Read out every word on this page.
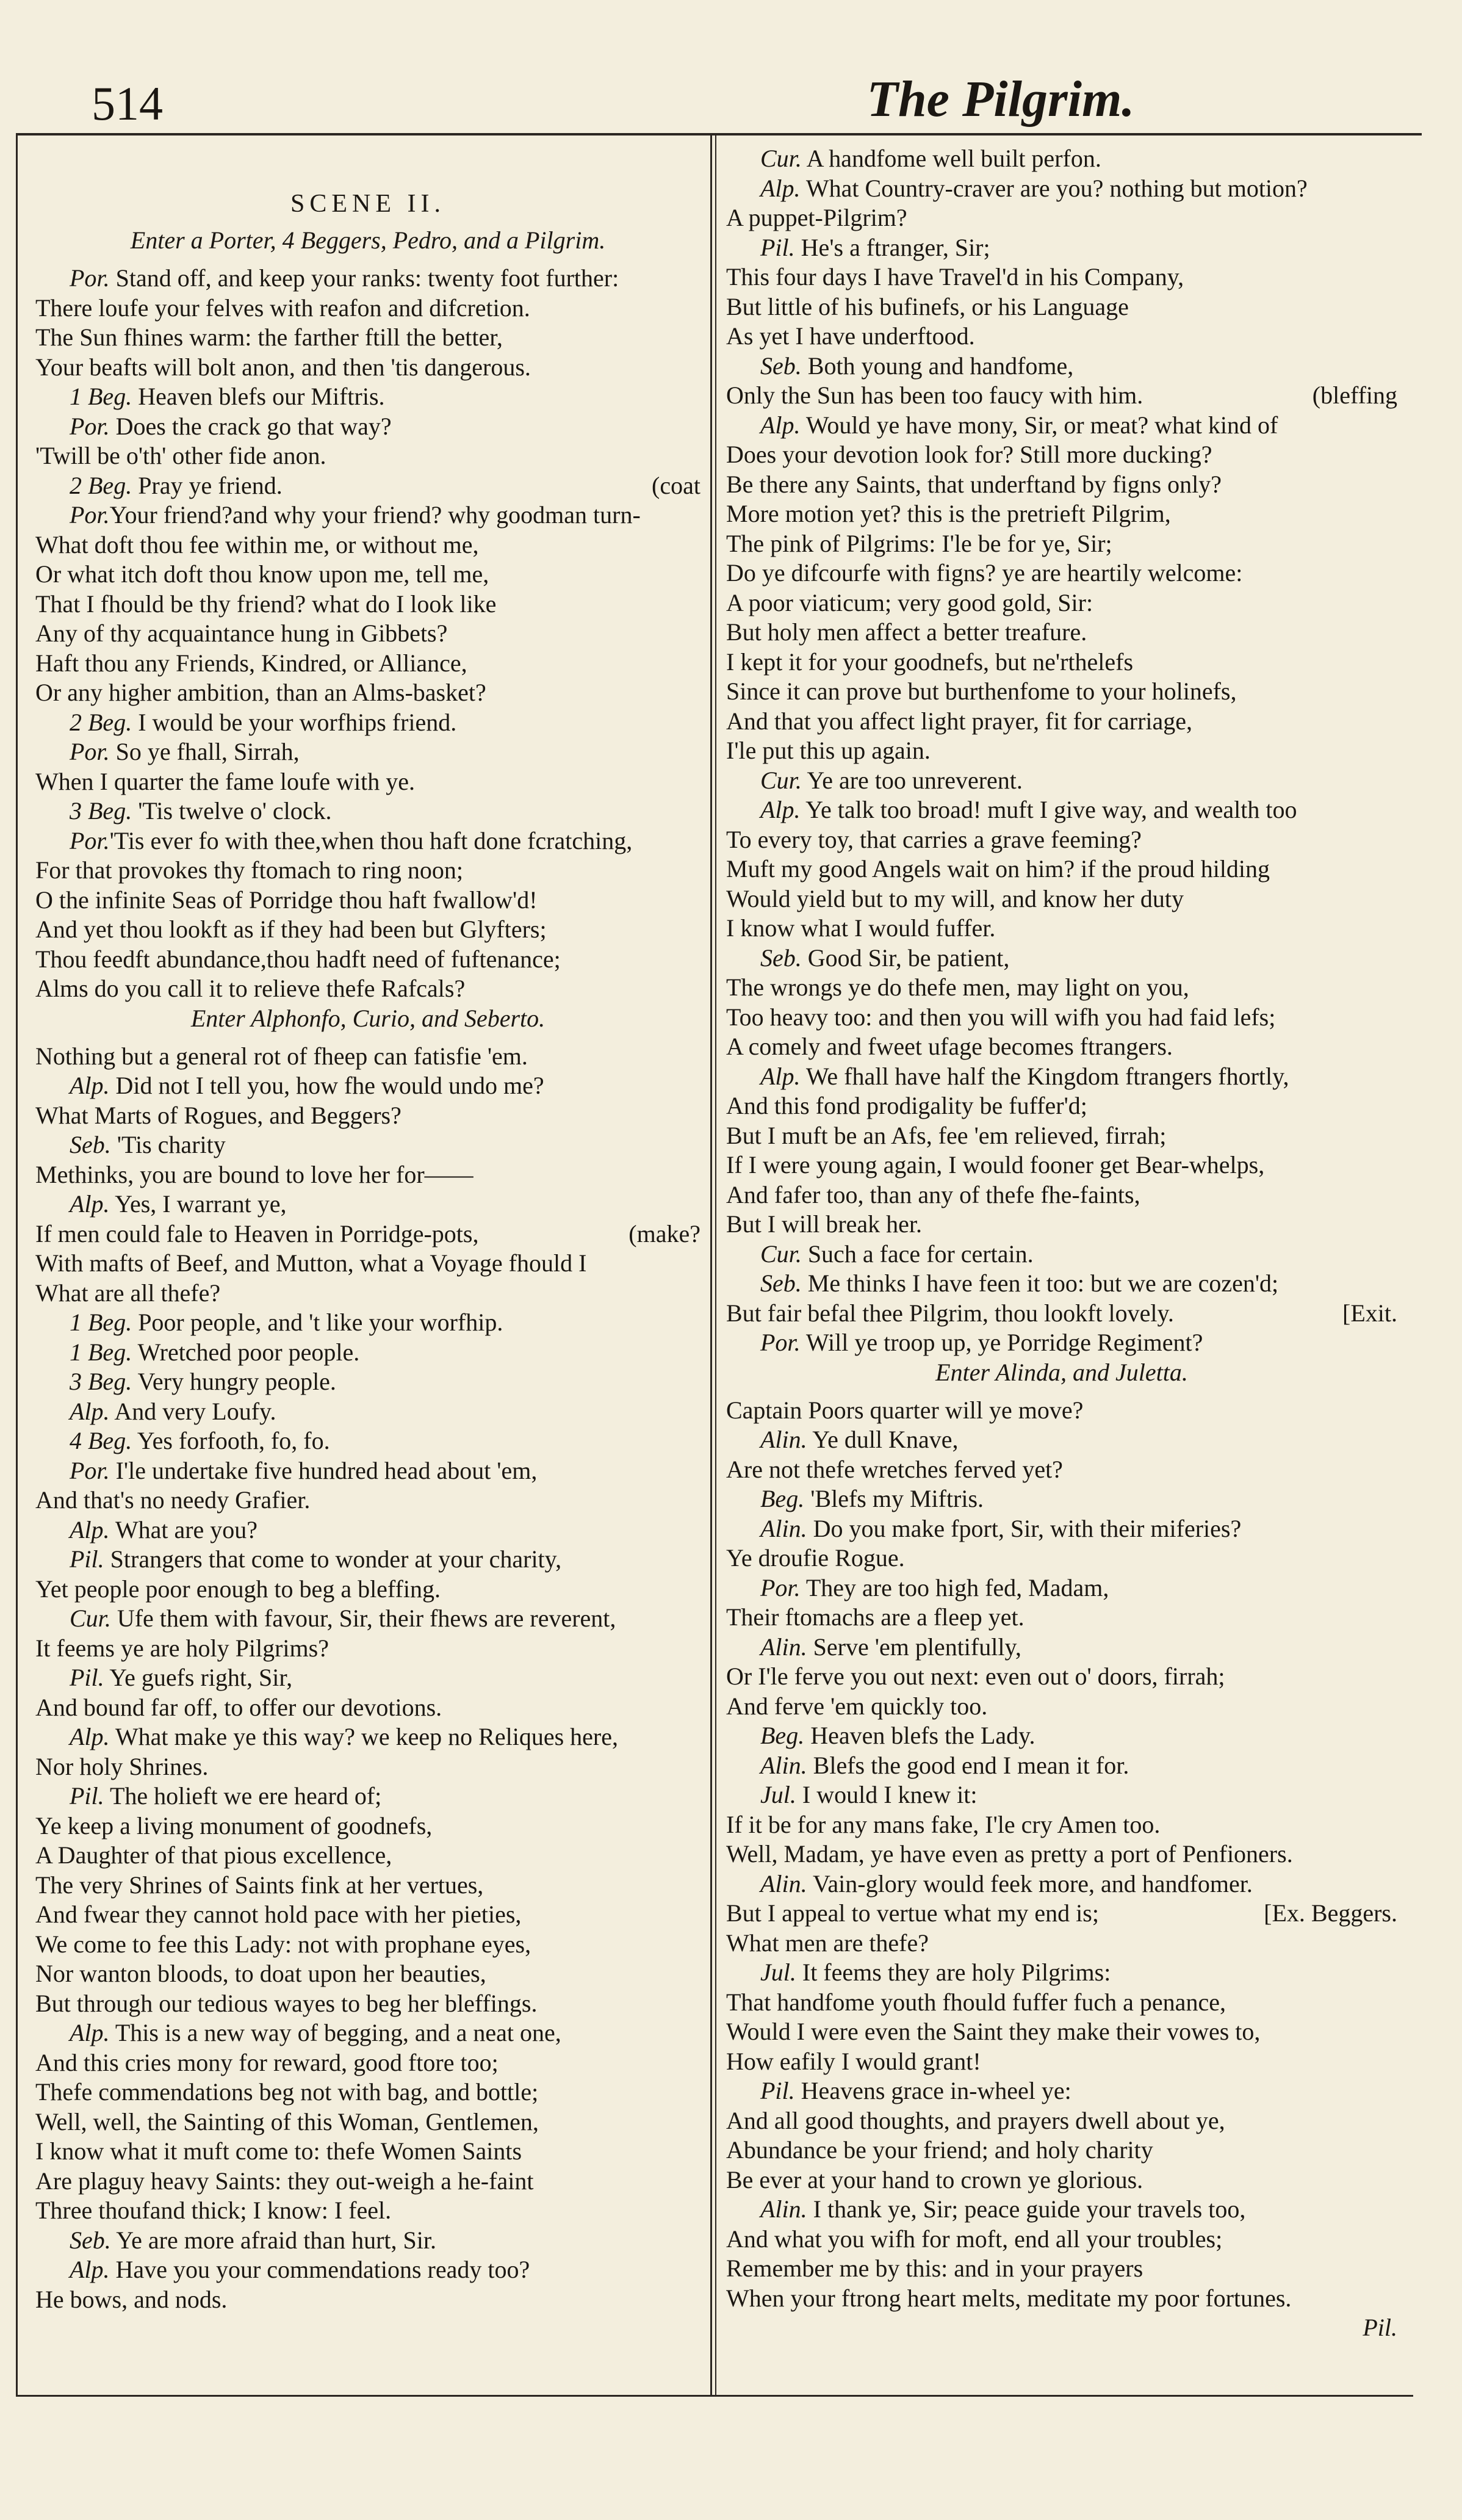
514	The Pilgrim.
SCENE II.
Enter a Porter, 4 Beggers, Pedro, and a Pilgrim.
Por. Stand off, and keep your ranks: twenty foot further:
There loufe your felves with reafon and difcretion.
The Sun fhines warm: the farther ftill the better,
Your beafts will bolt anon, and then 'tis dangerous.
1 Beg. Heaven blefs our Miftris.
Por. Does the crack go that way?
'Twill be o'th' other fide anon.
2 Beg. Pray ye friend.	(coat
Por.Your friend?and why your friend? why goodman turn-
What doft thou fee within me, or without me,
Or what itch doft thou know upon me, tell me,
That I fhould be thy friend? what do I look like
Any of thy acquaintance hung in Gibbets?
Haft thou any Friends, Kindred, or Alliance,
Or any higher ambition, than an Alms-basket?
2 Beg. I would be your worfhips friend.
Por. So ye fhall, Sirrah,
When I quarter the fame loufe with ye.
3 Beg. 'Tis twelve o' clock.
Por.'Tis ever fo with thee,when thou haft done fcratching,
For that provokes thy ftomach to ring noon;
O the infinite Seas of Porridge thou haft fwallow'd!
And yet thou lookft as if they had been but Glyfters;
Thou feedft abundance,thou hadft need of fuftenance;
Alms do you call it to relieve thefe Rafcals?
Enter Alphonfo, Curio, and Seberto.
Nothing but a general rot of fheep can fatisfie 'em.
Alp. Did not I tell you, how fhe would undo me?
What Marts of Rogues, and Beggers?
Seb. 'Tis charity
Methinks, you are bound to love her for——
Alp. Yes, I warrant ye,
If men could fale to Heaven in Porridge-pots,	(make?
With mafts of Beef, and Mutton, what a Voyage fhould I
What are all thefe?
1 Beg. Poor people, and 't like your worfhip.
1 Beg. Wretched poor people.
3 Beg. Very hungry people.
Alp. And very Loufy.
4 Beg. Yes forfooth, fo, fo.
Por. I'le undertake five hundred head about 'em,
And that's no needy Grafier.
Alp. What are you?
Pil. Strangers that come to wonder at your charity,
Yet people poor enough to beg a bleffing.
Cur. Ufe them with favour, Sir, their fhews are reverent,
It feems ye are holy Pilgrims?
Pil. Ye guefs right, Sir,
And bound far off, to offer our devotions.
Alp. What make ye this way? we keep no Reliques here,
Nor holy Shrines.
Pil. The holieft we ere heard of;
Ye keep a living monument of goodnefs,
A Daughter of that pious excellence,
The very Shrines of Saints fink at her vertues,
And fwear they cannot hold pace with her pieties,
We come to fee this Lady: not with prophane eyes,
Nor wanton bloods, to doat upon her beauties,
But through our tedious wayes to beg her bleffings.
Alp. This is a new way of begging, and a neat one,
And this cries mony for reward, good ftore too;
Thefe commendations beg not with bag, and bottle;
Well, well, the Sainting of this Woman, Gentlemen,
I know what it muft come to: thefe Women Saints
Are plaguy heavy Saints: they out-weigh a he-faint
Three thoufand thick; I know: I feel.
Seb. Ye are more afraid than hurt, Sir.
Alp. Have you your commendations ready too?
He bows, and nods.
Cur. A handfome well built perfon.
Alp. What Country-craver are you? nothing but motion?
A puppet-Pilgrim?
Pil. He's a ftranger, Sir;
This four days I have Travel'd in his Company,
But little of his bufinefs, or his Language
As yet I have underftood.
Seb. Both young and handfome,
Only the Sun has been too faucy with him.	(bleffing
Alp. Would ye have mony, Sir, or meat? what kind of
Does your devotion look for? Still more ducking?
Be there any Saints, that underftand by figns only?
More motion yet? this is the pretrieft Pilgrim,
The pink of Pilgrims: I'le be for ye, Sir;
Do ye difcourfe with figns? ye are heartily welcome:
A poor viaticum; very good gold, Sir:
But holy men affect a better treafure.
I kept it for your goodnefs, but ne'rthelefs
Since it can prove but burthenfome to your holinefs,
And that you affect light prayer, fit for carriage,
I'le put this up again.
Cur. Ye are too unreverent.
Alp. Ye talk too broad! muft I give way, and wealth too
To every toy, that carries a grave feeming?
Muft my good Angels wait on him? if the proud hilding
Would yield but to my will, and know her duty
I know what I would fuffer.
Seb. Good Sir, be patient,
The wrongs ye do thefe men, may light on you,
Too heavy too: and then you will wifh you had faid lefs;
A comely and fweet ufage becomes ftrangers.
Alp. We fhall have half the Kingdom ftrangers fhortly,
And this fond prodigality be fuffer'd;
But I muft be an Afs, fee 'em relieved, firrah;
If I were young again, I would fooner get Bear-whelps,
And fafer too, than any of thefe fhe-faints,
But I will break her.
Cur. Such a face for certain.
Seb. Me thinks I have feen it too: but we are cozen'd;
But fair befal thee Pilgrim, thou lookft lovely.	[Exit.
Por. Will ye troop up, ye Porridge Regiment?
Enter Alinda, and Juletta.
Captain Poors quarter will ye move?
Alin. Ye dull Knave,
Are not thefe wretches ferved yet?
Beg. 'Blefs my Miftris.
Alin. Do you make fport, Sir, with their miferies?
Ye droufie Rogue.
Por. They are too high fed, Madam,
Their ftomachs are a fleep yet.
Alin. Serve 'em plentifully,
Or I'le ferve you out next: even out o' doors, firrah;
And ferve 'em quickly too.
Beg. Heaven blefs the Lady.
Alin. Blefs the good end I mean it for.
Jul. I would I knew it:
If it be for any mans fake, I'le cry Amen too.
Well, Madam, ye have even as pretty a port of Penfioners.
Alin. Vain-glory would feek more, and handfomer.
But I appeal to vertue what my end is;	[Ex. Beggers.
What men are thefe?
Jul. It feems they are holy Pilgrims:
That handfome youth fhould fuffer fuch a penance,
Would I were even the Saint they make their vowes to,
How eafily I would grant!
Pil. Heavens grace in-wheel ye:
And all good thoughts, and prayers dwell about ye,
Abundance be your friend; and holy charity
Be ever at your hand to crown ye glorious.
Alin. I thank ye, Sir; peace guide your travels too,
And what you wifh for moft, end all your troubles;
Remember me by this: and in your prayers
When your ftrong heart melts, meditate my poor fortunes.
Pil.
